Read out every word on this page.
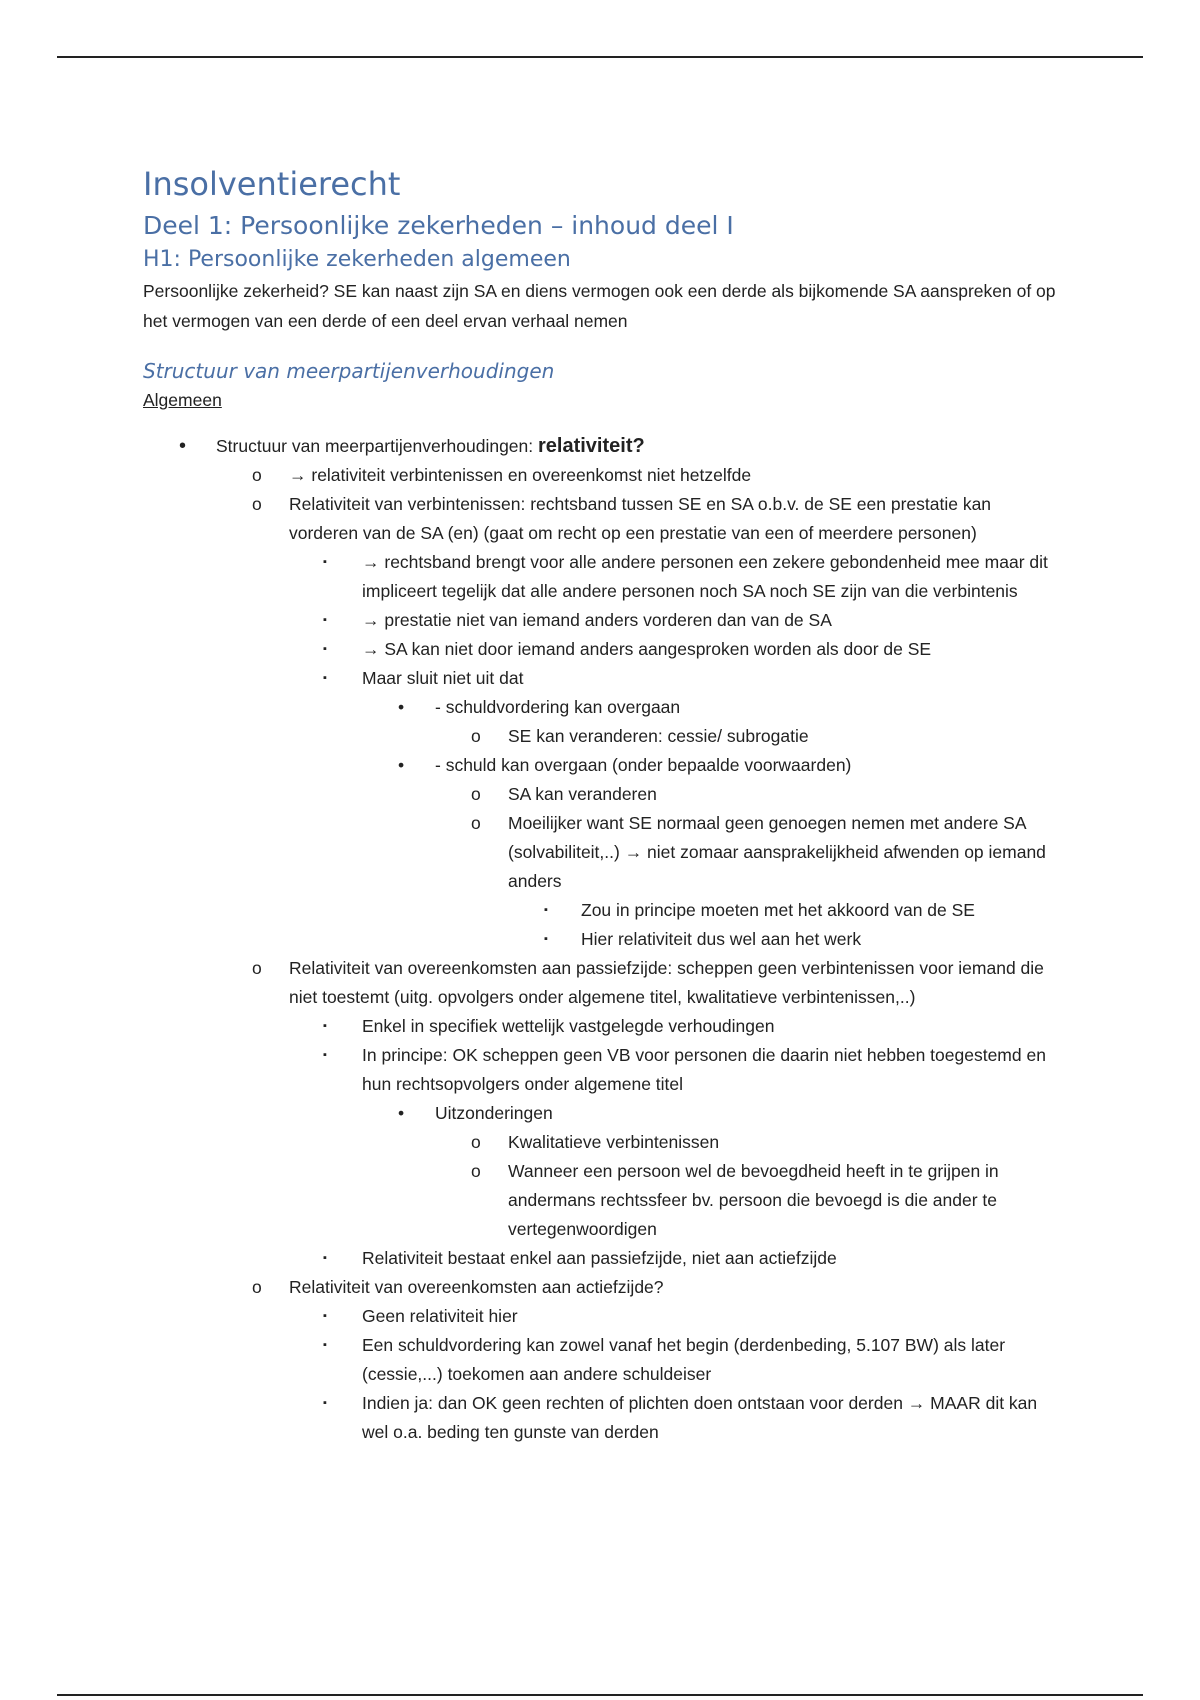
Insolventierecht
Deel 1: Persoonlijke zekerheden – inhoud deel I
H1: Persoonlijke zekerheden algemeen

Persoonlijke zekerheid? SE kan naast zijn SA en diens vermogen ook een derde als bijkomende SA aanspreken of op het vermogen van een derde of een deel ervan verhaal nemen

Structuur van meerpartijenverhoudingen
Algemeen
• Structuur van meerpartijenverhoudingen: relativiteit?
o → relativiteit verbintenissen en overeenkomst niet hetzelfde
o Relativiteit van verbintenissen: rechtsband tussen SE en SA o.b.v. de SE een prestatie kan vorderen van de SA (en) (gaat om recht op een prestatie van een of meerdere personen)
▪ → rechtsband brengt voor alle andere personen een zekere gebondenheid mee maar dit impliceert tegelijk dat alle andere personen noch SA noch SE zijn van die verbintenis
▪ → prestatie niet van iemand anders vorderen dan van de SA
▪ → SA kan niet door iemand anders aangesproken worden als door de SE
▪ Maar sluit niet uit dat
• - schuldvordering kan overgaan
o SE kan veranderen: cessie/ subrogatie
• - schuld kan overgaan (onder bepaalde voorwaarden)
o SA kan veranderen
o Moeilijker want SE normaal geen genoegen nemen met andere SA (solvabiliteit,..) → niet zomaar aansprakelijkheid afwenden op iemand anders
▪ Zou in principe moeten met het akkoord van de SE
▪ Hier relativiteit dus wel aan het werk
o Relativiteit van overeenkomsten aan passiefzijde: scheppen geen verbintenissen voor iemand die niet toestemt (uitg. opvolgers onder algemene titel, kwalitatieve verbintenissen,..)
▪ Enkel in specifiek wettelijk vastgelegde verhoudingen
▪ In principe: OK scheppen geen VB voor personen die daarin niet hebben toegestemd en hun rechtsopvolgers onder algemene titel
• Uitzonderingen
o Kwalitatieve verbintenissen
o Wanneer een persoon wel de bevoegdheid heeft in te grijpen in andermans rechtssfeer bv. persoon die bevoegd is die ander te vertegenwoordigen
▪ Relativiteit bestaat enkel aan passiefzijde, niet aan actiefzijde
o Relativiteit van overeenkomsten aan actiefzijde?
▪ Geen relativiteit hier
▪ Een schuldvordering kan zowel vanaf het begin (derdenbeding, 5.107 BW) als later (cessie,...) toekomen aan andere schuldeiser
▪ Indien ja: dan OK geen rechten of plichten doen ontstaan voor derden → MAAR dit kan wel o.a. beding ten gunste van derden
